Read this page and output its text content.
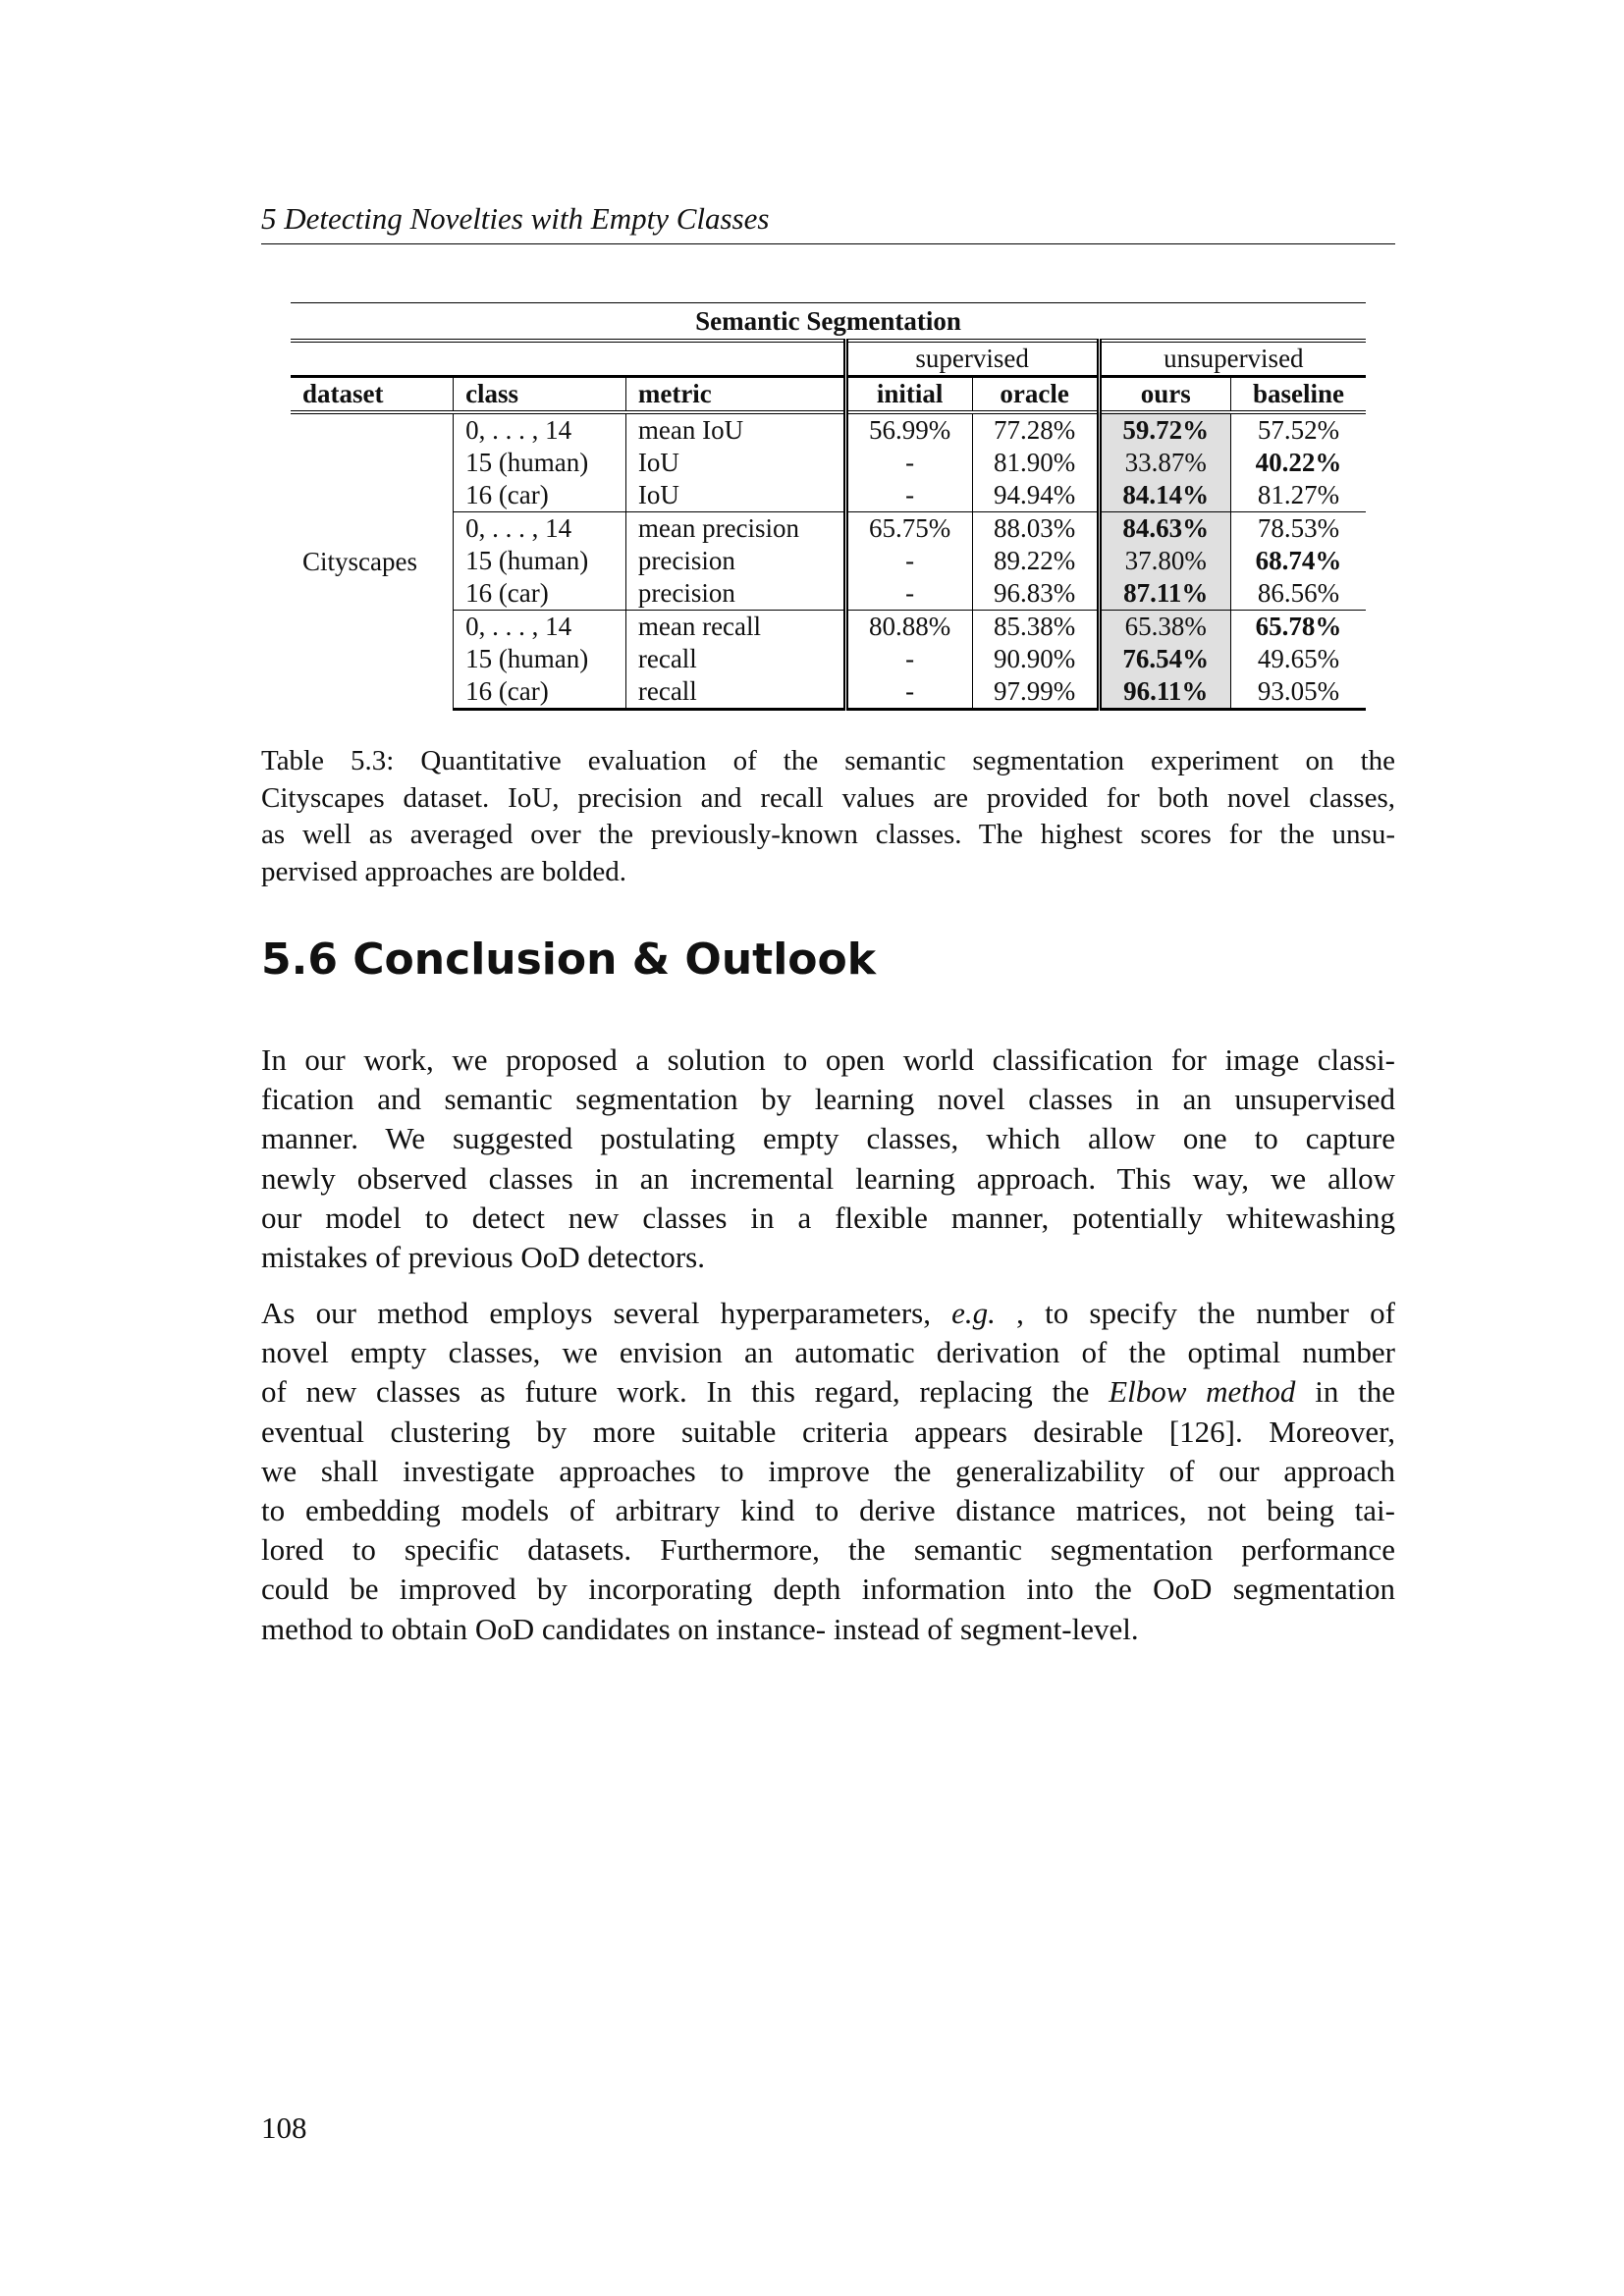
5 Detecting Novelties with Empty Classes
Semantic Segmentation						
			supervised		unsupervised	
dataset	class	metric	initial	oracle	ours	baseline
Cityscapes	0, . . . , 14	mean IoU	56.99%	77.28%	59.72%	57.52%
	15 (human)	IoU	-	81.90%	33.87%	40.22%
	16 (car)	IoU	-	94.94%	84.14%	81.27%
	0, . . . , 14	mean precision	65.75%	88.03%	84.63%	78.53%
	15 (human)	precision	-	89.22%	37.80%	68.74%
	16 (car)	precision	-	96.83%	87.11%	86.56%
	0, . . . , 14	mean recall	80.88%	85.38%	65.38%	65.78%
	15 (human)	recall	-	90.90%	76.54%	49.65%
	16 (car)	recall	-	97.99%	96.11%	93.05%
Table 5.3: Quantitative evaluation of the semantic segmentation experiment on the
Cityscapes dataset. IoU, precision and recall values are provided for both novel classes,
as well as averaged over the previously-known classes. The highest scores for the unsu-
pervised approaches are bolded.
5.6 Conclusion & Outlook
In our work, we proposed a solution to open world classification for image classi-
fication and semantic segmentation by learning novel classes in an unsupervised
manner. We suggested postulating empty classes, which allow one to capture
newly observed classes in an incremental learning approach. This way, we allow
our model to detect new classes in a flexible manner, potentially whitewashing
mistakes of previous OoD detectors.
As our method employs several hyperparameters, e.g. , to specify the number of
novel empty classes, we envision an automatic derivation of the optimal number
of new classes as future work. In this regard, replacing the Elbow method in the
eventual clustering by more suitable criteria appears desirable [126]. Moreover,
we shall investigate approaches to improve the generalizability of our approach
to embedding models of arbitrary kind to derive distance matrices, not being tai-
lored to specific datasets. Furthermore, the semantic segmentation performance
could be improved by incorporating depth information into the OoD segmentation
method to obtain OoD candidates on instance- instead of segment-level.
108
